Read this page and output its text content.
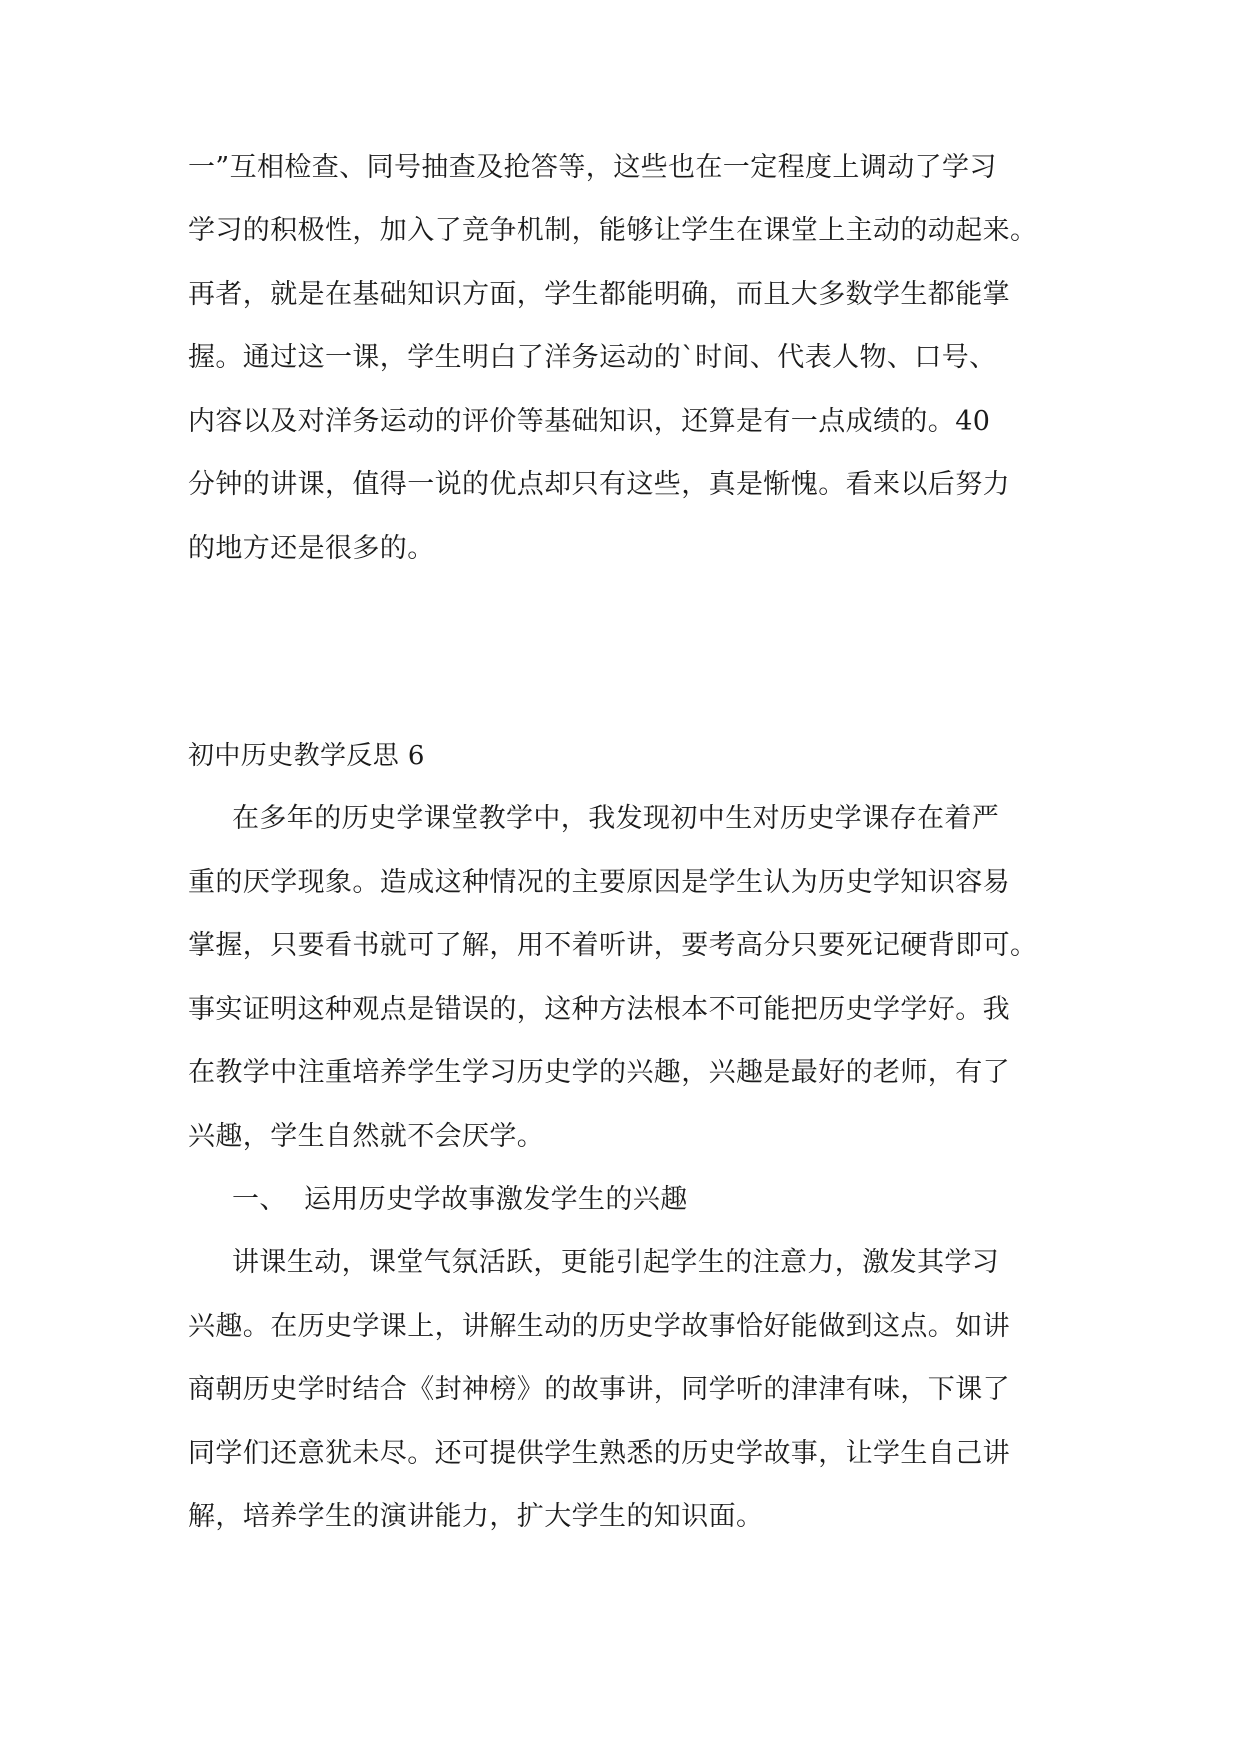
一”互相检查、同号抽查及抢答等，这些也在一定程度上调动了学习
学习的积极性，加入了竞争机制，能够让学生在课堂上主动的动起来。
再者，就是在基础知识方面，学生都能明确，而且大多数学生都能掌
握。通过这一课，学生明白了洋务运动的`时间、代表人物、口号、
内容以及对洋务运动的评价等基础知识，还算是有一点成绩的。40
分钟的讲课，值得一说的优点却只有这些，真是惭愧。看来以后努力
的地方还是很多的。
初中历史教学反思 6
在多年的历史学课堂教学中，我发现初中生对历史学课存在着严
重的厌学现象。造成这种情况的主要原因是学生认为历史学知识容易
掌握，只要看书就可了解，用不着听讲，要考高分只要死记硬背即可。
事实证明这种观点是错误的，这种方法根本不可能把历史学学好。我
在教学中注重培养学生学习历史学的兴趣，兴趣是最好的老师，有了
兴趣，学生自然就不会厌学。
一、 运用历史学故事激发学生的兴趣
讲课生动，课堂气氛活跃，更能引起学生的注意力，激发其学习
兴趣。在历史学课上，讲解生动的历史学故事恰好能做到这点。如讲
商朝历史学时结合《封神榜》的故事讲，同学听的津津有味，下课了
同学们还意犹未尽。还可提供学生熟悉的历史学故事，让学生自己讲
解，培养学生的演讲能力，扩大学生的知识面。
